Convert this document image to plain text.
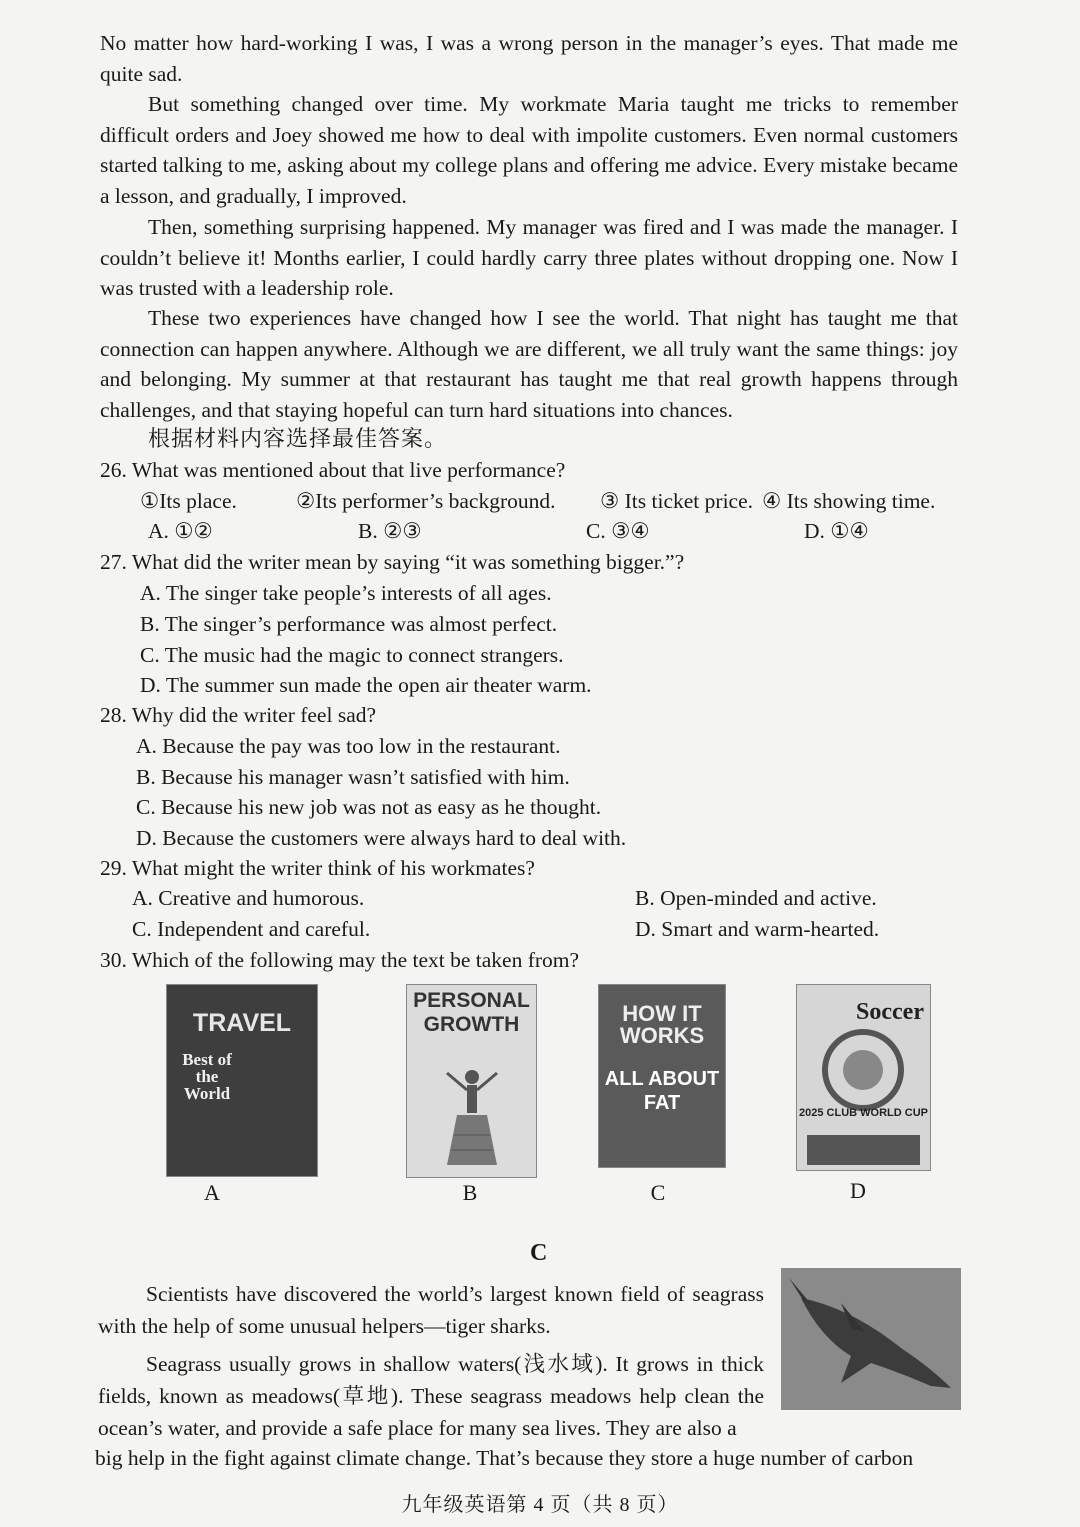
No matter how hard-working I was, I was a wrong person in the manager’s eyes. That made me quite sad.

But something changed over time. My workmate Maria taught me tricks to remember difficult orders and Joey showed me how to deal with impolite customers. Even normal customers started talking to me, asking about my college plans and offering me advice. Every mistake became a lesson, and gradually, I improved.

Then, something surprising happened. My manager was fired and I was made the manager. I couldn’t believe it! Months earlier, I could hardly carry three plates without dropping one. Now I was trusted with a leadership role.

These two experiences have changed how I see the world. That night has taught me that connection can happen anywhere. Although we are different, we all truly want the same things: joy and belonging. My summer at that restaurant has taught me that real growth happens through challenges, and that staying hopeful can turn hard situations into chances.

根据材料内容选择最佳答案。
26. What was mentioned about that live performance?
①Its place.	②Its performer’s background. ③ Its ticket price. ④ Its showing time.
A. ①②	B. ②③	C. ③④	D. ①④
27. What did the writer mean by saying “it was something bigger.”?
A. The singer take people’s interests of all ages.
B. The singer’s performance was almost perfect.
C. The music had the magic to connect strangers.
D. The summer sun made the open air theater warm.
28. Why did the writer feel sad?
A. Because the pay was too low in the restaurant.
B. Because his manager wasn’t satisfied with him.
C. Because his new job was not as easy as he thought.
D. Because the customers were always hard to deal with.
29. What might the writer think of his workmates?
A. Creative and humorous.	B. Open-minded and active.
C. Independent and careful.	D. Smart and warm-hearted.
30. Which of the following may the text be taken from?
TRAVEL
Best of the World
A
PERSONAL GROWTH
B
HOW IT WORKS
ALL ABOUT FAT
C
Soccer
2025 CLUB WORLD CUP
D
C

Scientists have discovered the world’s largest known field of seagrass with the help of some unusual helpers—tiger sharks.

Seagrass usually grows in shallow waters(浅水域). It grows in thick fields, known as meadows(草地). These seagrass meadows help clean the ocean’s water, and provide a safe place for many sea lives. They are also a

big help in the fight against climate change. That’s because they store a huge number of carbon
九年级英语第 4 页（共 8 页）
